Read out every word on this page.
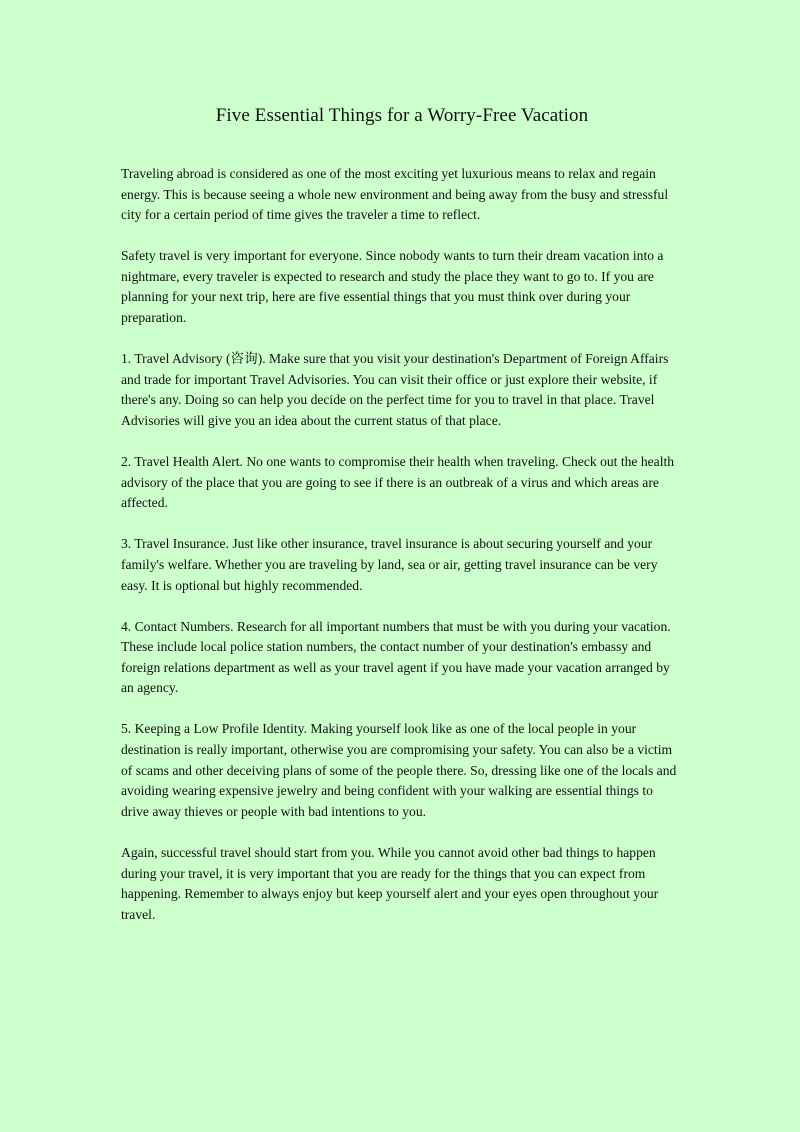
Five Essential Things for a Worry-Free Vacation

Traveling abroad is considered as one of the most exciting yet luxurious means to relax and regain energy. This is because seeing a whole new environment and being away from the busy and stressful city for a certain period of time gives the traveler a time to reflect.

Safety travel is very important for everyone. Since nobody wants to turn their dream vacation into a nightmare, every traveler is expected to research and study the place they want to go to. If you are planning for your next trip, here are five essential things that you must think over during your preparation.

1. Travel Advisory (咨询). Make sure that you visit your destination's Department of Foreign Affairs and trade for important Travel Advisories. You can visit their office or just explore their website, if there's any. Doing so can help you decide on the perfect time for you to travel in that place. Travel Advisories will give you an idea about the current status of that place.

2. Travel Health Alert. No one wants to compromise their health when traveling. Check out the health advisory of the place that you are going to see if there is an outbreak of a virus and which areas are affected.

3. Travel Insurance. Just like other insurance, travel insurance is about securing yourself and your family's welfare. Whether you are traveling by land, sea or air, getting travel insurance can be very easy. It is optional but highly recommended.

4. Contact Numbers. Research for all important numbers that must be with you during your vacation. These include local police station numbers, the contact number of your destination's embassy and foreign relations department as well as your travel agent if you have made your vacation arranged by an agency.

5. Keeping a Low Profile Identity. Making yourself look like as one of the local people in your destination is really important, otherwise you are compromising your safety. You can also be a victim of scams and other deceiving plans of some of the people there. So, dressing like one of the locals and avoiding wearing expensive jewelry and being confident with your walking are essential things to drive away thieves or people with bad intentions to you.

Again, successful travel should start from you. While you cannot avoid other bad things to happen during your travel, it is very important that you are ready for the things that you can expect from happening. Remember to always enjoy but keep yourself alert and your eyes open throughout your travel.
